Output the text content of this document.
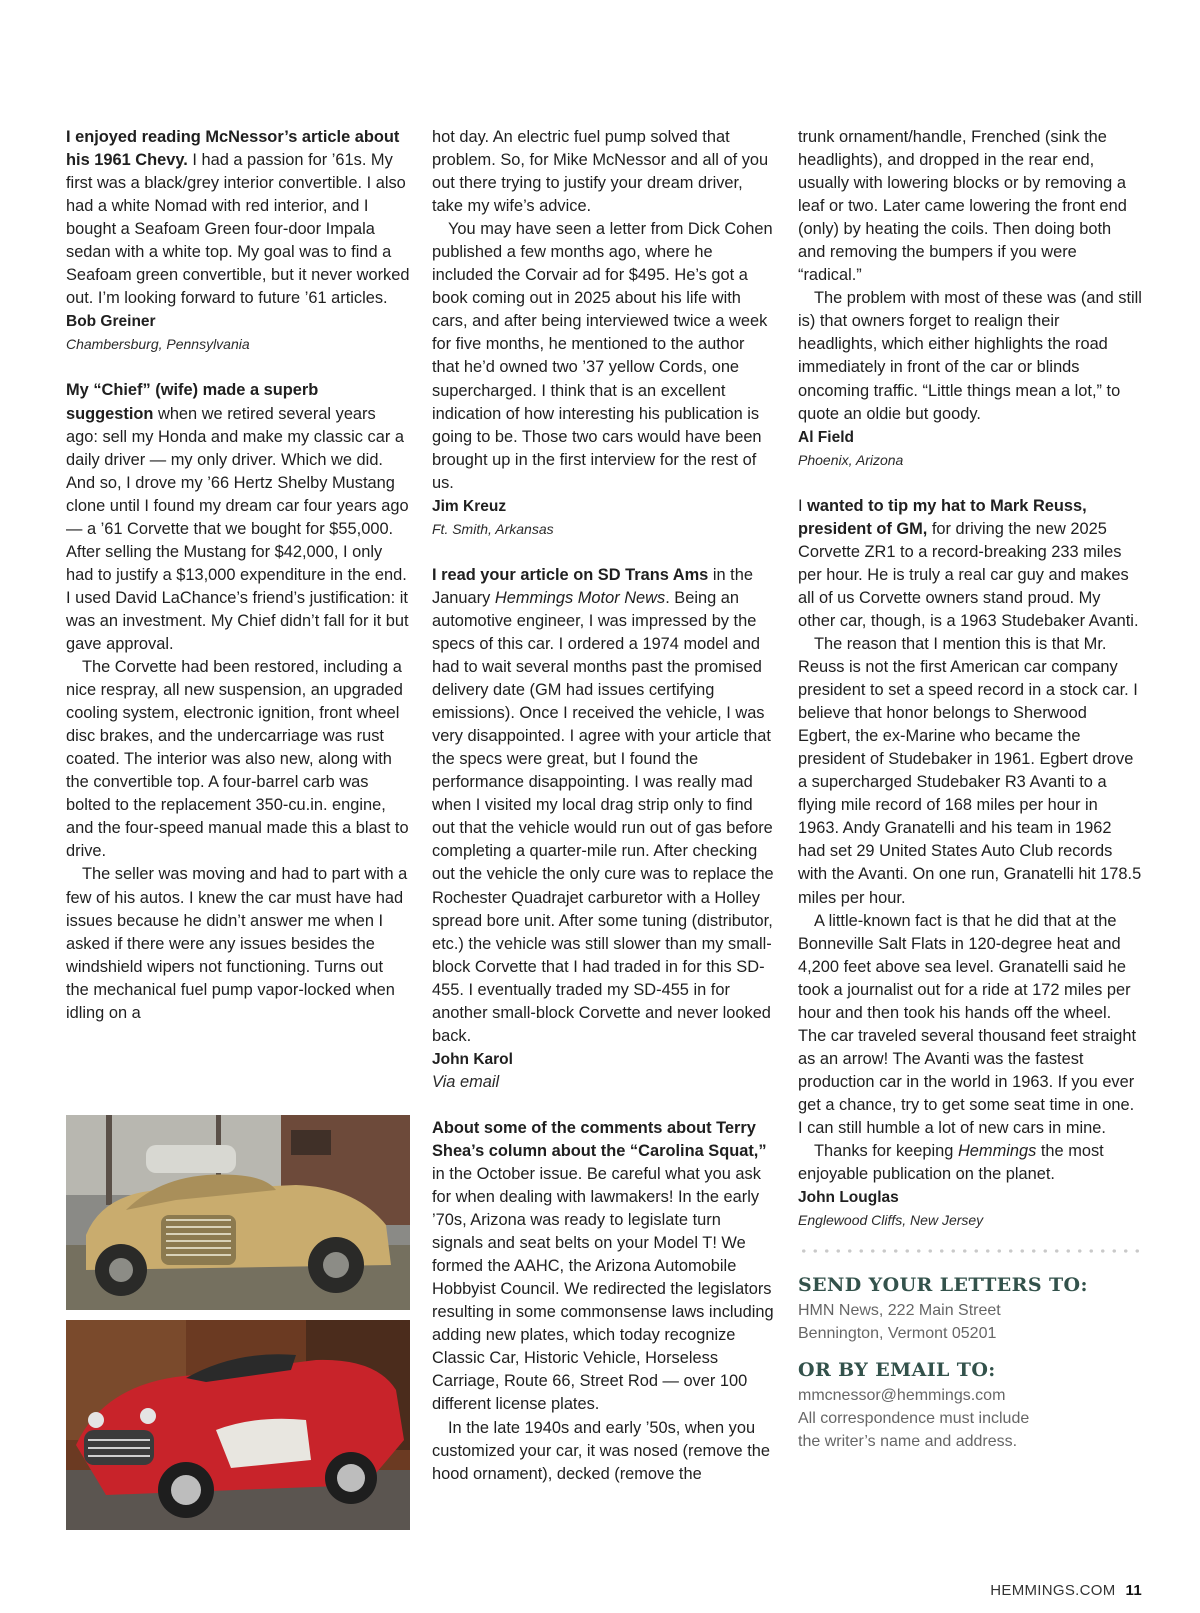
I enjoyed reading McNessor’s article about his 1961 Chevy. I had a passion for ’61s. My first was a black/grey interior convertible. I also had a white Nomad with red interior, and I bought a Seafoam Green four-door Impala sedan with a white top. My goal was to find a Seafoam green convertible, but it never worked out. I’m looking forward to future ’61 articles.

Bob Greiner
Chambersburg, Pennsylvania

My “Chief” (wife) made a superb suggestion when we retired several years ago: sell my Honda and make my classic car a daily driver — my only driver. Which we did. And so, I drove my ’66 Hertz Shelby Mustang clone until I found my dream car four years ago — a ’61 Corvette that we bought for $55,000. After selling the Mustang for $42,000, I only had to justify a $13,000 expenditure in the end. I used David LaChance’s friend’s justification: it was an investment. My Chief didn’t fall for it but gave approval.

The Corvette had been restored, including a nice respray, all new suspension, an upgraded cooling system, electronic ignition, front wheel disc brakes, and the undercarriage was rust coated. The interior was also new, along with the convertible top. A four-barrel carb was bolted to the replacement 350-cu.in. engine, and the four-speed manual made this a blast to drive.

The seller was moving and had to part with a few of his autos. I knew the car must have had issues because he didn’t answer me when I asked if there were any issues besides the windshield wipers not functioning. Turns out the mechanical fuel pump vapor-locked when idling on a

hot day. An electric fuel pump solved that problem. So, for Mike McNessor and all of you out there trying to justify your dream driver, take my wife’s advice.

You may have seen a letter from Dick Cohen published a few months ago, where he included the Corvair ad for $495. He’s got a book coming out in 2025 about his life with cars, and after being interviewed twice a week for five months, he mentioned to the author that he’d owned two ’37 yellow Cords, one supercharged. I think that is an excellent indication of how interesting his publication is going to be. Those two cars would have been brought up in the first interview for the rest of us.

Jim Kreuz
Ft. Smith, Arkansas

I read your article on SD Trans Ams in the January Hemmings Motor News. Being an automotive engineer, I was impressed by the specs of this car. I ordered a 1974 model and had to wait several months past the promised delivery date (GM had issues certifying emissions). Once I received the vehicle, I was very disappointed. I agree with your article that the specs were great, but I found the performance disappointing. I was really mad when I visited my local drag strip only to find out that the vehicle would run out of gas before completing a quarter-mile run. After checking out the vehicle the only cure was to replace the Rochester Quadrajet carburetor with a Holley spread bore unit. After some tuning (distributor, etc.) the vehicle was still slower than my small-block Corvette that I had traded in for this SD-455. I eventually traded my SD-455 in for another small-block Corvette and never looked back.

John Karol
Via email

About some of the comments about Terry Shea’s column about the “Carolina Squat,” in the October issue. Be careful what you ask for when dealing with lawmakers! In the early ’70s, Arizona was ready to legislate turn signals and seat belts on your Model T! We formed the AAHC, the Arizona Automobile Hobbyist Council. We redirected the legislators resulting in some commonsense laws including adding new plates, which today recognize Classic Car, Historic Vehicle, Horseless Carriage, Route 66, Street Rod — over 100 different license plates.

In the late 1940s and early ’50s, when you customized your car, it was nosed (remove the hood ornament), decked (remove the

trunk ornament/handle, Frenched (sink the headlights), and dropped in the rear end, usually with lowering blocks or by removing a leaf or two. Later came lowering the front end (only) by heating the coils. Then doing both and removing the bumpers if you were “radical.”

The problem with most of these was (and still is) that owners forget to realign their headlights, which either highlights the road immediately in front of the car or blinds oncoming traffic. “Little things mean a lot,” to quote an oldie but goody.

Al Field
Phoenix, Arizona

I wanted to tip my hat to Mark Reuss, president of GM, for driving the new 2025 Corvette ZR1 to a record-breaking 233 miles per hour. He is truly a real car guy and makes all of us Corvette owners stand proud. My other car, though, is a 1963 Studebaker Avanti.

The reason that I mention this is that Mr. Reuss is not the first American car company president to set a speed record in a stock car. I believe that honor belongs to Sherwood Egbert, the ex-Marine who became the president of Studebaker in 1961. Egbert drove a supercharged Studebaker R3 Avanti to a flying mile record of 168 miles per hour in 1963. Andy Granatelli and his team in 1962 had set 29 United States Auto Club records with the Avanti. On one run, Granatelli hit 178.5 miles per hour.

A little-known fact is that he did that at the Bonneville Salt Flats in 120-degree heat and 4,200 feet above sea level. Granatelli said he took a journalist out for a ride at 172 miles per hour and then took his hands off the wheel. The car traveled several thousand feet straight as an arrow! The Avanti was the fastest production car in the world in 1963. If you ever get a chance, try to get some seat time in one. I can still humble a lot of new cars in mine.

Thanks for keeping Hemmings the most enjoyable publication on the planet.

John Louglas
Englewood Cliffs, New Jersey
SEND YOUR LETTERS TO:

HMN News, 222 Main Street

Bennington, Vermont 05201

OR BY EMAIL TO:

mmcnessor@hemmings.com

All correspondence must include

the writer’s name and address.

HEMMINGS.COM 11
